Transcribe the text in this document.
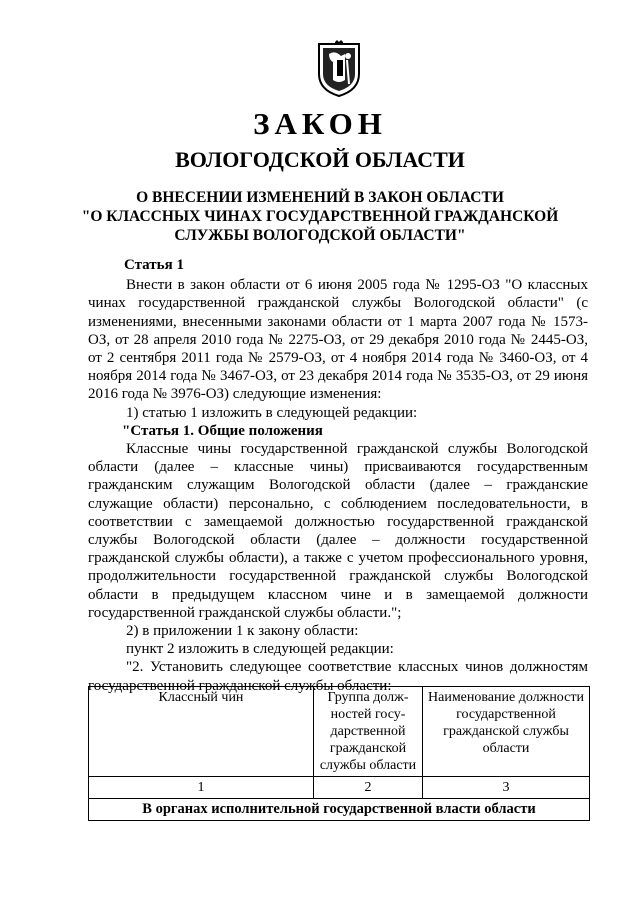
ЗАКОН
ВОЛОГОДСКОЙ ОБЛАСТИ
О ВНЕСЕНИИ ИЗМЕНЕНИЙ В ЗАКОН ОБЛАСТИ
"О КЛАССНЫХ ЧИНАХ ГОСУДАРСТВЕННОЙ ГРАЖДАНСКОЙ
СЛУЖБЫ ВОЛОГОДСКОЙ ОБЛАСТИ"

Статья 1

Внести в закон области от 6 июня 2005 года № 1295-ОЗ "О классных чинах государственной гражданской службы Вологодской области" (с изменениями, внесенными законами области от 1 марта 2007 года № 1573-ОЗ, от 28 апреля 2010 года № 2275-ОЗ, от 29 декабря 2010 года № 2445-ОЗ, от 2 сентября 2011 года № 2579-ОЗ, от 4 ноября 2014 года № 3460-ОЗ, от 4 ноября 2014 года № 3467-ОЗ, от 23 декабря 2014 года № 3535-ОЗ, от 29 июня 2016 года № 3976-ОЗ) следующие изменения:

1) статью 1 изложить в следующей редакции:

"Статья 1. Общие положения

Классные чины государственной гражданской службы Вологодской области (далее – классные чины) присваиваются государственным гражданским служащим Вологодской области (далее – гражданские служащие области) персонально, с соблюдением последовательности, в соответствии с замещаемой должностью государственной гражданской службы Вологодской области (далее – должности государственной гражданской службы области), а также с учетом профессионального уровня, продолжительности государственной гражданской службы Вологодской области в предыдущем классном чине и в замещаемой должности государственной гражданской службы области.";

2) в приложении 1 к закону области:

пункт 2 изложить в следующей редакции:

"2. Установить следующее соответствие классных чинов должностям государственной гражданской службы области:

Классный чин	Группа долж-ностей госу-дарственной гражданской службы области	Наименование должности государственной гражданской службы области
1	2	3
В органах исполнительной государственной власти области		
